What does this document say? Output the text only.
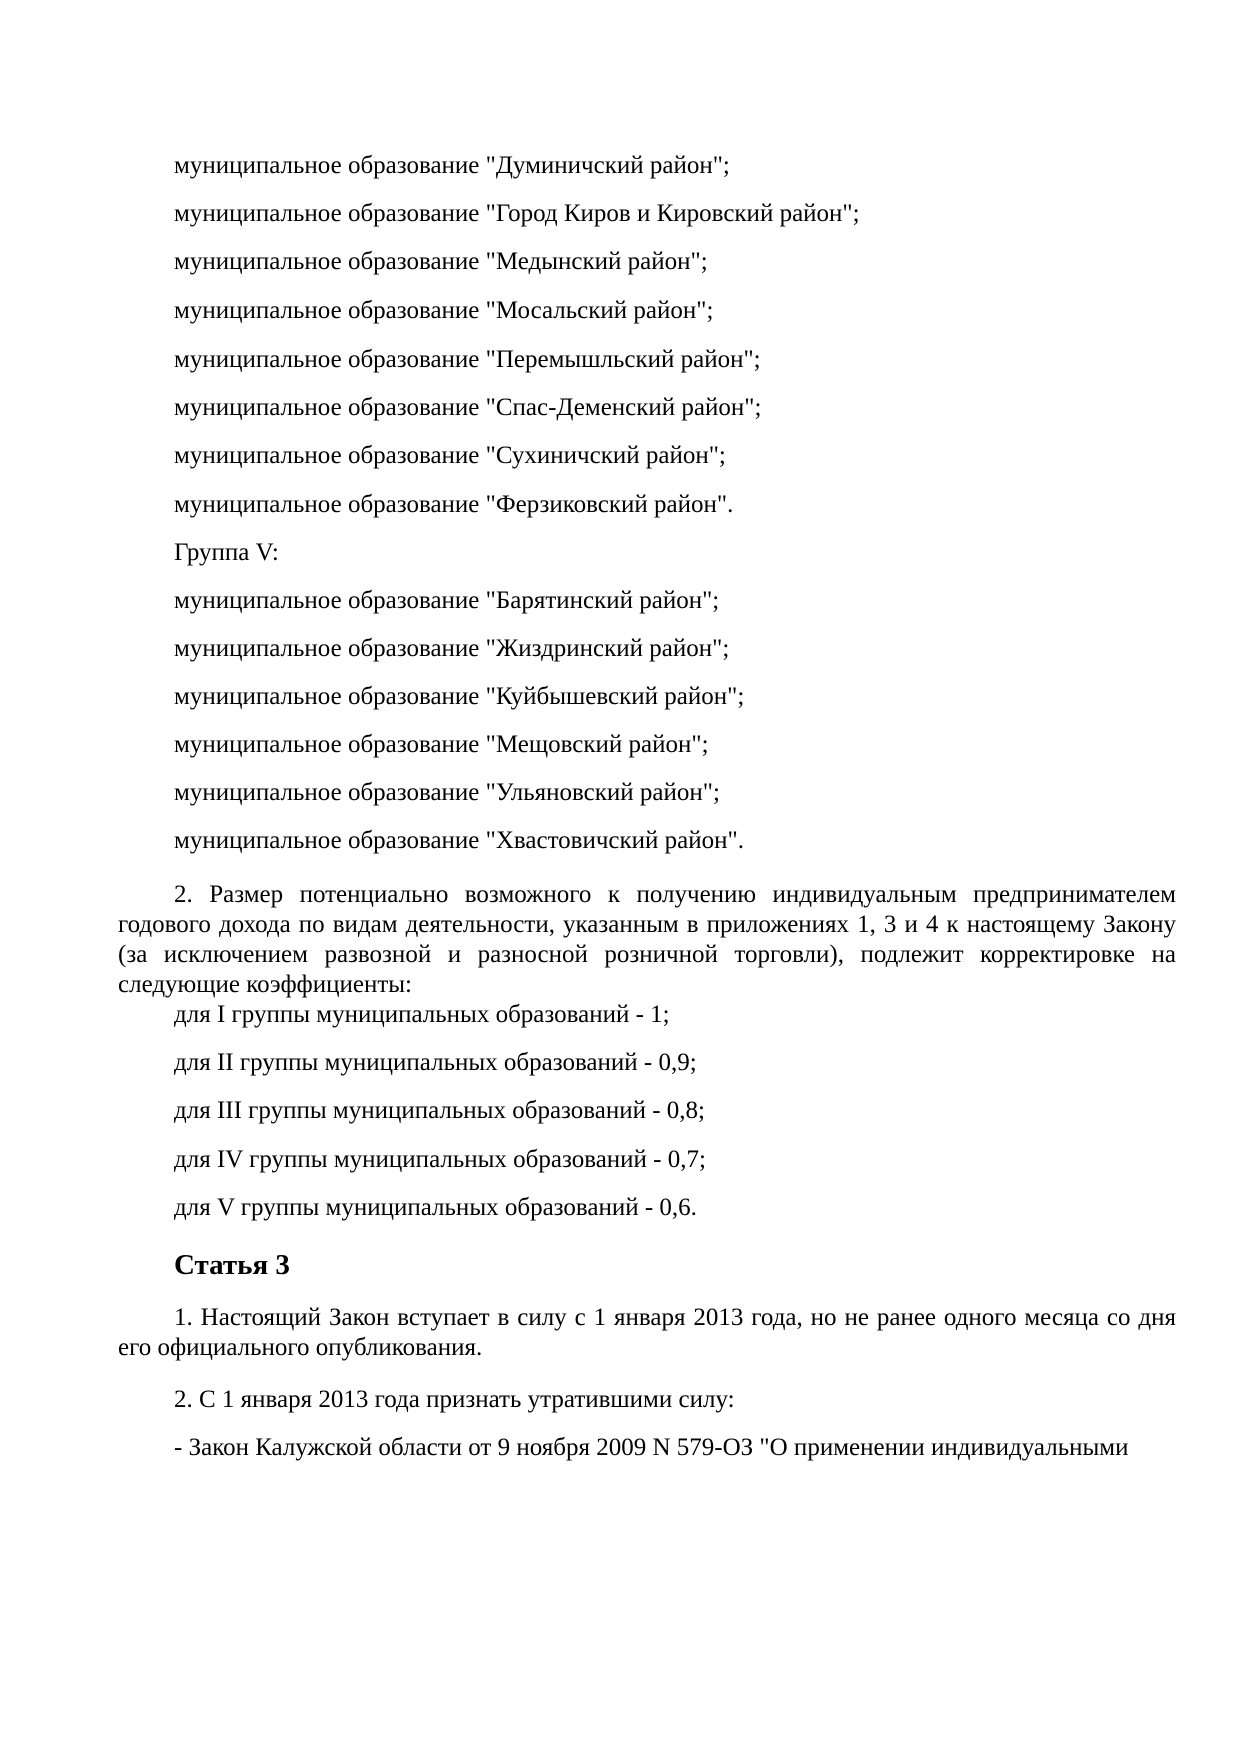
муниципальное образование "Думиничский район";
муниципальное образование "Город Киров и Кировский район";
муниципальное образование "Медынский район";
муниципальное образование "Мосальский район";
муниципальное образование "Перемышльский район";
муниципальное образование "Спас-Деменский район";
муниципальное образование "Сухиничский район";
муниципальное образование "Ферзиковский район".
Группа V:
муниципальное образование "Барятинский район";
муниципальное образование "Жиздринский район";
муниципальное образование "Куйбышевский район";
муниципальное образование "Мещовский район";
муниципальное образование "Ульяновский район";
муниципальное образование "Хвастовичский район".
2. Размер потенциально возможного к получению индивидуальным предпринимателем годового дохода по видам деятельности, указанным в приложениях 1, 3 и 4 к настоящему Закону (за исключением развозной и разносной розничной торговли), подлежит корректировке на следующие коэффициенты:
для I группы муниципальных образований - 1;
для II группы муниципальных образований - 0,9;
для III группы муниципальных образований - 0,8;
для IV группы муниципальных образований - 0,7;
для V группы муниципальных образований - 0,6.
Статья 3
1. Настоящий Закон вступает в силу с 1 января 2013 года, но не ранее одного месяца со дня его официального опубликования.
2. С 1 января 2013 года признать утратившими силу:
- Закон Калужской области от 9 ноября 2009 N 579-ОЗ "О применении индивидуальными
